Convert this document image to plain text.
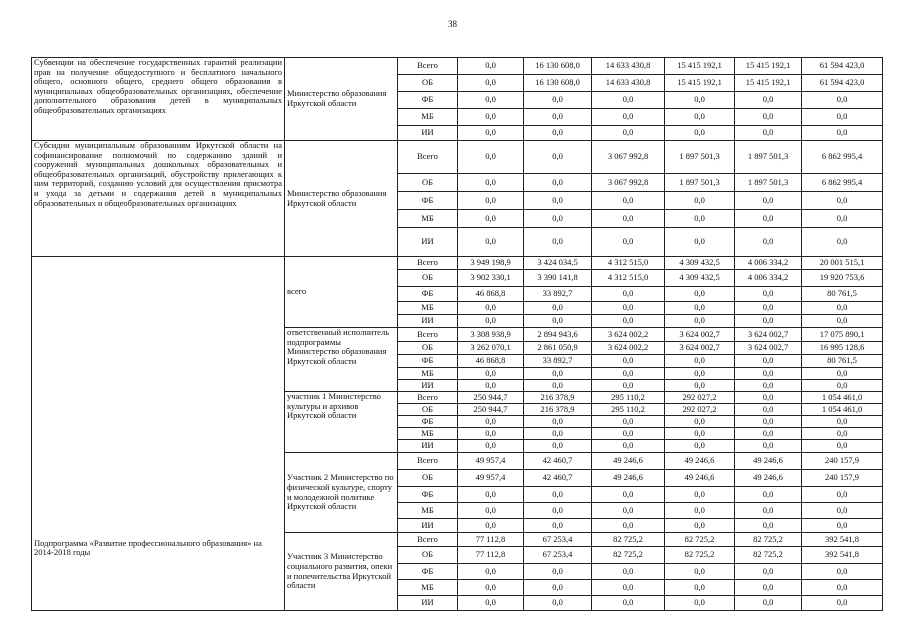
38
Субвенции на обеспечение государственных гарантий реализации прав на получение общедоступного и бесплатного начального общего, основного общего, среднего общего образования в муниципальных общеобразовательных организациях, обеспечение дополнительного образования детей в муниципальных общеобразовательных организациях	Министерство образования Иркутской области	Всего	0,0	16 130 608,0	14 633 430,8	15 415 192,1	15 415 192,1	61 594 423,0
		ОБ	0,0	16 130 608,0	14 633 430,8	15 415 192,1	15 415 192,1	61 594 423,0
		ФБ	0,0	0,0	0,0	0,0	0,0	0,0
		МБ	0,0	0,0	0,0	0,0	0,0	0,0
		ИИ	0,0	0,0	0,0	0,0	0,0	0,0
Субсидии муниципальным образованиям Иркутской области на софинансирование полномочий по содержанию зданий и сооружений муниципальных дошкольных образовательных и общеобразовательных организаций, обустройству прилегающих к ним территорий, созданию условий для осуществления присмотра и ухода за детьми и содержания детей в муниципальных образовательных и общеобразовательных организациях	Министерство образования Иркутской области	Всего	0,0	0,0	3 067 992,8	1 897 501,3	1 897 501,3	6 862 995,4
		ОБ	0,0	0,0	3 067 992,8	1 897 501,3	1 897 501,3	6 862 995,4
		ФБ	0,0	0,0	0,0	0,0	0,0	0,0
		МБ	0,0	0,0	0,0	0,0	0,0	0,0
		ИИ	0,0	0,0	0,0	0,0	0,0	0,0
Подпрограмма «Развитие профессионального образования» на 2014-2018 годы	всего	Всего	3 949 198,9	3 424 034,5	4 312 515,0	4 309 432,5	4 006 334,2	20 001 515,1
		ОБ	3 902 330,1	3 390 141,8	4 312 515,0	4 309 432,5	4 006 334,2	19 920 753,6
		ФБ	46 868,8	33 892,7	0,0	0,0	0,0	80 761,5
		МБ	0,0	0,0	0,0	0,0	0,0	0,0
		ИИ	0,0	0,0	0,0	0,0	0,0	0,0
	ответственный исполнитель подпрограммы Министерство образования Иркутской области	Всего	3 308 938,9	2 894 943,6	3 624 002,2	3 624 002,7	3 624 002,7	17 075 890,1
		ОБ	3 262 070,1	2 861 050,9	3 624 002,2	3 624 002,7	3 624 002,7	16 995 128,6
		ФБ	46 868,8	33 892,7	0,0	0,0	0,0	80 761,5
		МБ	0,0	0,0	0,0	0,0	0,0	0,0
		ИИ	0,0	0,0	0,0	0,0	0,0	0,0
	участник 1 Министерство культуры и архивов Иркутской области	Всего	250 944,7	216 378,9	295 110,2	292 027,2	0,0	1 054 461,0
		ОБ	250 944,7	216 378,9	295 110,2	292 027,2	0,0	1 054 461,0
		ФБ	0,0	0,0	0,0	0,0	0,0	0,0
		МБ	0,0	0,0	0,0	0,0	0,0	0,0
		ИИ	0,0	0,0	0,0	0,0	0,0	0,0
	Участник 2 Министерство по физической культуре, спорту и молодежной политике Иркутской области	Всего	49 957,4	42 460,7	49 246,6	49 246,6	49 246,6	240 157,9
		ОБ	49 957,4	42 460,7	49 246,6	49 246,6	49 246,6	240 157,9
		ФБ	0,0	0,0	0,0	0,0	0,0	0,0
		МБ	0,0	0,0	0,0	0,0	0,0	0,0
		ИИ	0,0	0,0	0,0	0,0	0,0	0,0
	Участник 3 Министерство социального развития, опеки и попечительства Иркутской области	Всего	77 112,8	67 253,4	82 725,2	82 725,2	82 725,2	392 541,8
		ОБ	77 112,8	67 253,4	82 725,2	82 725,2	82 725,2	392 541,8
		ФБ	0,0	0,0	0,0	0,0	0,0	0,0
		МБ	0,0	0,0	0,0	0,0	0,0	0,0
		ИИ	0,0	0,0	0,0	0,0	0,0	0,0
